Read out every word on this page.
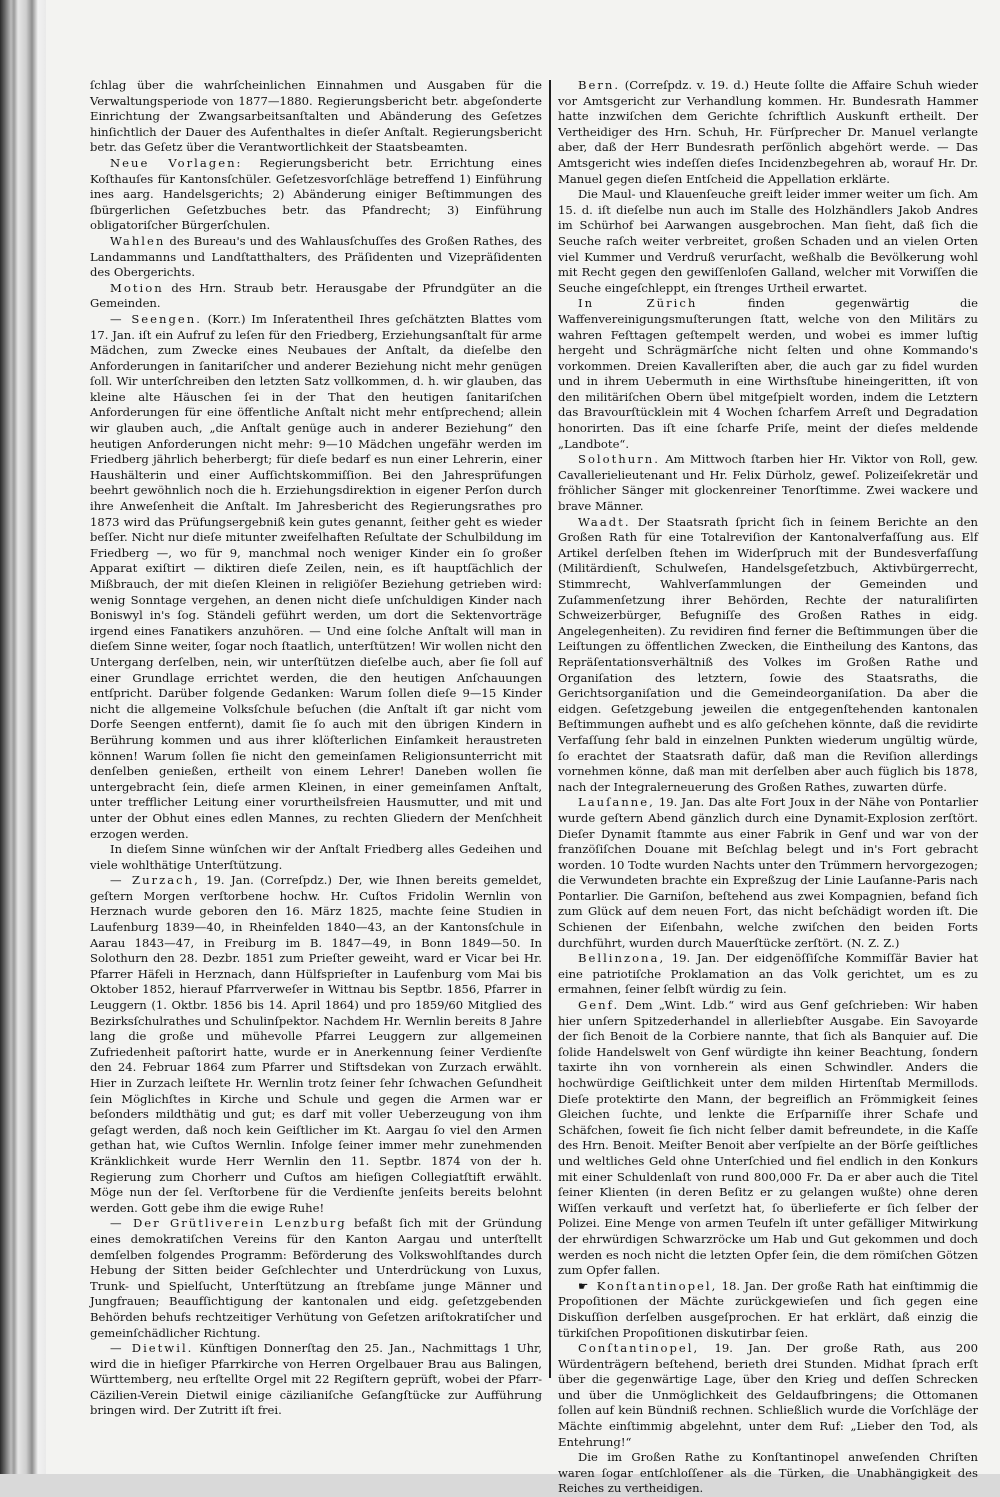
ſchlag über die wahrſcheinlichen Einnahmen und Ausgaben für die Verwaltungsperiode von 1877—1880. Regierungsbericht betr. abgeſonderte Einrichtung der Zwangsarbeitsanſtalten und Abänderung des Geſetzes hinſichtlich der Dauer des Aufenthaltes in dieſer Anſtalt. Regierungsbericht betr. das Geſetz über die Verantwortlichkeit der Staatsbeamten.

Neue Vorlagen: Regierungsbericht betr. Errichtung eines Koſthauſes für Kantonsſchüler. Geſetzesvorſchläge betreffend 1) Einführung ines aarg. Handelsgerichts; 2) Abänderung einiger Beſtimmungen des ſbürgerlichen Geſetzbuches betr. das Pfandrecht; 3) Einführung obligatoriſcher Bürgerſchulen.

Wahlen des Bureau's und des Wahlausſchuſſes des Großen Rathes, des Landammanns und Landſtatthalters, des Präſidenten und Vizepräſidenten des Obergerichts.

Motion des Hrn. Straub betr. Herausgabe der Pfrundgüter an die Gemeinden.

— Seengen. (Korr.) Im Inſeratentheil Ihres geſchätzten Blattes vom 17. Jan. iſt ein Aufruf zu leſen für den Friedberg, Erziehungsanſtalt für arme Mädchen, zum Zwecke eines Neubaues der Anſtalt, da dieſelbe den Anforderungen in ſanitariſcher und anderer Beziehung nicht mehr genügen ſoll. Wir unterſchreiben den letzten Satz vollkommen, d. h. wir glauben, das kleine alte Häuschen ſei in der That den heutigen ſanitariſchen Anforderungen für eine öffentliche Anſtalt nicht mehr entſprechend; allein wir glauben auch, „die Anſtalt genüge auch in anderer Beziehung“ den heutigen Anforderungen nicht mehr: 9—10 Mädchen ungefähr werden im Friedberg jährlich beherbergt; für dieſe bedarf es nun einer Lehrerin, einer Haushälterin und einer Aufſichtskommiſſion. Bei den Jahresprüfungen beehrt gewöhnlich noch die h. Erziehungsdirektion in eigener Perſon durch ihre Anweſenheit die Anſtalt. Im Jahresbericht des Regierungsrathes pro 1873 wird das Prüfungsergebniß kein gutes genannt, ſeither geht es wieder beſſer. Nicht nur dieſe mitunter zweifelhaften Reſultate der Schulbildung im Friedberg —, wo für 9, manchmal noch weniger Kinder ein ſo großer Apparat exiſtirt — diktiren dieſe Zeilen, nein, es iſt hauptſächlich der Mißbrauch, der mit dieſen Kleinen in religiöſer Beziehung getrieben wird: wenig Sonntage vergehen, an denen nicht dieſe unſchuldigen Kinder nach Boniswyl in's ſog. Ständeli geführt werden, um dort die Sektenvorträge irgend eines Fanatikers anzuhören. — Und eine ſolche Anſtalt will man in dieſem Sinne weiter, ſogar noch ſtaatlich, unterſtützen! Wir wollen nicht den Untergang derſelben, nein, wir unterſtützen dieſelbe auch, aber ſie ſoll auf einer Grundlage errichtet werden, die den heutigen Anſchauungen entſpricht. Darüber folgende Gedanken: Warum ſollen dieſe 9—15 Kinder nicht die allgemeine Volksſchule beſuchen (die Anſtalt iſt gar nicht vom Dorfe Seengen entfernt), damit ſie ſo auch mit den übrigen Kindern in Berührung kommen und aus ihrer klöſterlichen Einſamkeit heraustreten können! Warum ſollen ſie nicht den gemeinſamen Religionsunterricht mit denſelben genießen, ertheilt von einem Lehrer! Daneben wollen ſie untergebracht ſein, dieſe armen Kleinen, in einer gemeinſamen Anſtalt, unter trefflicher Leitung einer vorurtheilsfreien Hausmutter, und mit und unter der Obhut eines edlen Mannes, zu rechten Gliedern der Menſchheit erzogen werden.

In dieſem Sinne wünſchen wir der Anſtalt Friedberg alles Gedeihen und viele wohlthätige Unterſtützung.

— Zurzach, 19. Jan. (Correſpdz.) Der, wie Ihnen bereits gemeldet, geſtern Morgen verſtorbene hochw. Hr. Cuſtos Fridolin Wernlin von Herznach wurde geboren den 16. März 1825, machte ſeine Studien in Laufenburg 1839—40, in Rheinfelden 1840—43, an der Kantonsſchule in Aarau 1843—47, in Freiburg im B. 1847—49, in Bonn 1849—50. In Solothurn den 28. Dezbr. 1851 zum Prieſter geweiht, ward er Vicar bei Hr. Pfarrer Häfeli in Herznach, dann Hülfsprieſter in Laufenburg vom Mai bis Oktober 1852, hierauf Pfarrverweſer in Wittnau bis Septbr. 1856, Pfarrer in Leuggern (1. Oktbr. 1856 bis 14. April 1864) und pro 1859/60 Mitglied des Bezirksſchulrathes und Schulinſpektor. Nachdem Hr. Wernlin bereits 8 Jahre lang die große und mühevolle Pfarrei Leuggern zur allgemeinen Zufriedenheit paſtorirt hatte, wurde er in Anerkennung ſeiner Verdienſte den 24. Februar 1864 zum Pfarrer und Stiftsdekan von Zurzach erwählt. Hier in Zurzach leiſtete Hr. Wernlin trotz ſeiner ſehr ſchwachen Geſundheit ſein Möglichſtes in Kirche und Schule und gegen die Armen war er beſonders mildthätig und gut; es darf mit voller Ueberzeugung von ihm geſagt werden, daß noch kein Geiſtlicher im Kt. Aargau ſo viel den Armen gethan hat, wie Cuſtos Wernlin. Infolge ſeiner immer mehr zunehmenden Kränklichkeit wurde Herr Wernlin den 11. Septbr. 1874 von der h. Regierung zum Chorherr und Cuſtos am hieſigen Collegiatſtift erwählt. Möge nun der ſel. Verſtorbene für die Verdienſte jenſeits bereits belohnt werden. Gott gebe ihm die ewige Ruhe!

— Der Grütliverein Lenzburg befaßt ſich mit der Gründung eines demokratiſchen Vereins für den Kanton Aargau und unterſtellt demſelben folgendes Programm: Beförderung des Volkswohlſtandes durch Hebung der Sitten beider Geſchlechter und Unterdrückung von Luxus, Trunk- und Spielſucht, Unterſtützung an ſtrebſame junge Männer und Jungfrauen; Beaufſichtigung der kantonalen und eidg. geſetzgebenden Behörden behufs rechtzeitiger Verhütung von Geſetzen ariſtokratiſcher und gemeinſchädlicher Richtung.

— Dietwil. Künftigen Donnerſtag den 25. Jan., Nachmittags 1 Uhr, wird die in hieſiger Pfarrkirche von Herren Orgelbauer Brau aus Balingen, Württemberg, neu erſtellte Orgel mit 22 Regiſtern geprüft, wobei der Pfarr-Cäzilien-Verein Dietwil einige cäzilianiſche Geſangſtücke zur Aufführung bringen wird. Der Zutritt iſt frei.

Bern. (Correſpdz. v. 19. d.) Heute ſollte die Affaire Schuh wieder vor Amtsgericht zur Verhandlung kommen. Hr. Bundesrath Hammer hatte inzwiſchen dem Gerichte ſchriftlich Auskunft ertheilt. Der Vertheidiger des Hrn. Schuh, Hr. Fürſprecher Dr. Manuel verlangte aber, daß der Herr Bundesrath perſönlich abgehört werde. — Das Amtsgericht wies indeſſen dieſes Incidenzbegehren ab, worauf Hr. Dr. Manuel gegen dieſen Entſcheid die Appellation erklärte.

Die Maul- und Klauenſeuche greift leider immer weiter um ſich. Am 15. d. iſt dieſelbe nun auch im Stalle des Holzhändlers Jakob Andres im Schürhof bei Aarwangen ausgebrochen. Man ſieht, daß ſich die Seuche raſch weiter verbreitet, großen Schaden und an vielen Orten viel Kummer und Verdruß verurſacht, weßhalb die Bevölkerung wohl mit Recht gegen den gewiſſenloſen Galland, welcher mit Vorwiſſen die Seuche eingeſchleppt, ein ſtrenges Urtheil erwartet.

In Zürich finden gegenwärtig die Waffenvereinigungsmuſterungen ſtatt, welche von den Militärs zu wahren Feſttagen geſtempelt werden, und wobei es immer luſtig hergeht und Schrägmärſche nicht ſelten und ohne Kommando's vorkommen. Dreien Kavalleriſten aber, die auch gar zu fidel wurden und in ihrem Uebermuth in eine Wirthsſtube hineingeritten, iſt von den militäriſchen Obern übel mitgeſpielt worden, indem die Letztern das Bravourſtücklein mit 4 Wochen ſcharfem Arreſt und Degradation honorirten. Das iſt eine ſcharfe Priſe, meint der dieſes meldende „Landbote“.

Solothurn. Am Mittwoch ſtarben hier Hr. Viktor von Roll, gew. Cavallerielieutenant und Hr. Felix Dürholz, geweſ. Polizeiſekretär und fröhlicher Sänger mit glockenreiner Tenorſtimme. Zwei wackere und brave Männer.

Waadt. Der Staatsrath ſpricht ſich in ſeinem Berichte an den Großen Rath für eine Totalreviſion der Kantonalverfaſſung aus. Elf Artikel derſelben ſtehen im Widerſpruch mit der Bundesverfaſſung (Militärdienſt, Schulweſen, Handelsgeſetzbuch, Aktivbürgerrecht, Stimmrecht, Wahlverſammlungen der Gemeinden und Zuſammenſetzung ihrer Behörden, Rechte der naturaliſirten Schweizerbürger, Befugniſſe des Großen Rathes in eidg. Angelegenheiten). Zu revidiren find ferner die Beſtimmungen über die Leiſtungen zu öffentlichen Zwecken, die Eintheilung des Kantons, das Repräſentationsverhältniß des Volkes im Großen Rathe und Organiſation des letztern, ſowie des Staatsraths, die Gerichtsorganiſation und die Gemeindeorganiſation. Da aber die eidgen. Geſetzgebung jeweilen die entgegenſtehenden kantonalen Beſtimmungen aufhebt und es alſo geſchehen könnte, daß die revidirte Verfaſſung ſehr bald in einzelnen Punkten wiederum ungültig würde, ſo erachtet der Staatsrath dafür, daß man die Reviſion allerdings vornehmen könne, daß man mit derſelben aber auch füglich bis 1878, nach der Integralerneuerung des Großen Rathes, zuwarten dürfe.

Lauſanne, 19. Jan. Das alte Fort Joux in der Nähe von Pontarlier wurde geſtern Abend gänzlich durch eine Dynamit-Explosion zerſtört. Dieſer Dynamit ſtammte aus einer Fabrik in Genf und war von der franzöſiſchen Douane mit Beſchlag belegt und in's Fort gebracht worden. 10 Todte wurden Nachts unter den Trümmern hervorgezogen; die Verwundeten brachte ein Expreßzug der Linie Lauſanne-Paris nach Pontarlier. Die Garniſon, beſtehend aus zwei Kompagnien, befand ſich zum Glück auf dem neuen Fort, das nicht beſchädigt worden iſt. Die Schienen der Eiſenbahn, welche zwiſchen den beiden Forts durchführt, wurden durch Mauerſtücke zerſtört. (N. Z. Z.)

Bellinzona, 19. Jan. Der eidgenöſſiſche Kommiſſär Bavier hat eine patriotiſche Proklamation an das Volk gerichtet, um es zu ermahnen, ſeiner ſelbſt würdig zu ſein.

Genf. Dem „Wint. Ldb.“ wird aus Genf geſchrieben: Wir haben hier unſern Spitzederhandel in allerliebſter Ausgabe. Ein Savoyarde der ſich Benoit de la Corbiere nannte, that ſich als Banquier auf. Die ſolide Handelswelt von Genf würdigte ihn keiner Beachtung, ſondern taxirte ihn von vornherein als einen Schwindler. Anders die hochwürdige Geiſtlichkeit unter dem milden Hirtenſtab Mermillods. Dieſe protektirte den Mann, der begreiflich an Frömmigkeit ſeines Gleichen ſuchte, und lenkte die Erſparniſſe ihrer Schafe und Schäfchen, ſoweit ſie ſich nicht ſelber damit befreundete, in die Kaſſe des Hrn. Benoit. Meiſter Benoit aber verſpielte an der Börſe geiſtliches und weltliches Geld ohne Unterſchied und fiel endlich in den Konkurs mit einer Schuldenlaſt von rund 800,000 Fr. Da er aber auch die Titel ſeiner Klienten (in deren Beſitz er zu gelangen wußte) ohne deren Wiſſen verkauft und verſetzt hat, ſo überlieferte er ſich ſelber der Polizei. Eine Menge von armen Teufeln iſt unter gefälliger Mitwirkung der ehrwürdigen Schwarzröcke um Hab und Gut gekommen und doch werden es noch nicht die letzten Opfer ſein, die dem römiſchen Götzen zum Opfer fallen.

☛ Konſtantinopel, 18. Jan. Der große Rath hat einſtimmig die Propoſitionen der Mächte zurückgewieſen und ſich gegen eine Diskuſſion derſelben ausgeſprochen. Er hat erklärt, daß einzig die türkiſchen Propoſitionen diskutirbar ſeien.

Conſtantinopel, 19. Jan. Der große Rath, aus 200 Würdenträgern beſtehend, berieth drei Stunden. Midhat ſprach erſt über die gegenwärtige Lage, über den Krieg und deſſen Schrecken und über die Unmöglichkeit des Geldaufbringens; die Ottomanen ſollen auf kein Bündniß rechnen. Schließlich wurde die Vorſchläge der Mächte einſtimmig abgelehnt, unter dem Ruf: „Lieber den Tod, als Entehrung!“

Die im Großen Rathe zu Konſtantinopel anweſenden Chriſten waren ſogar entſchloſſener als die Türken, die Unabhängigkeit des Reiches zu vertheidigen.
